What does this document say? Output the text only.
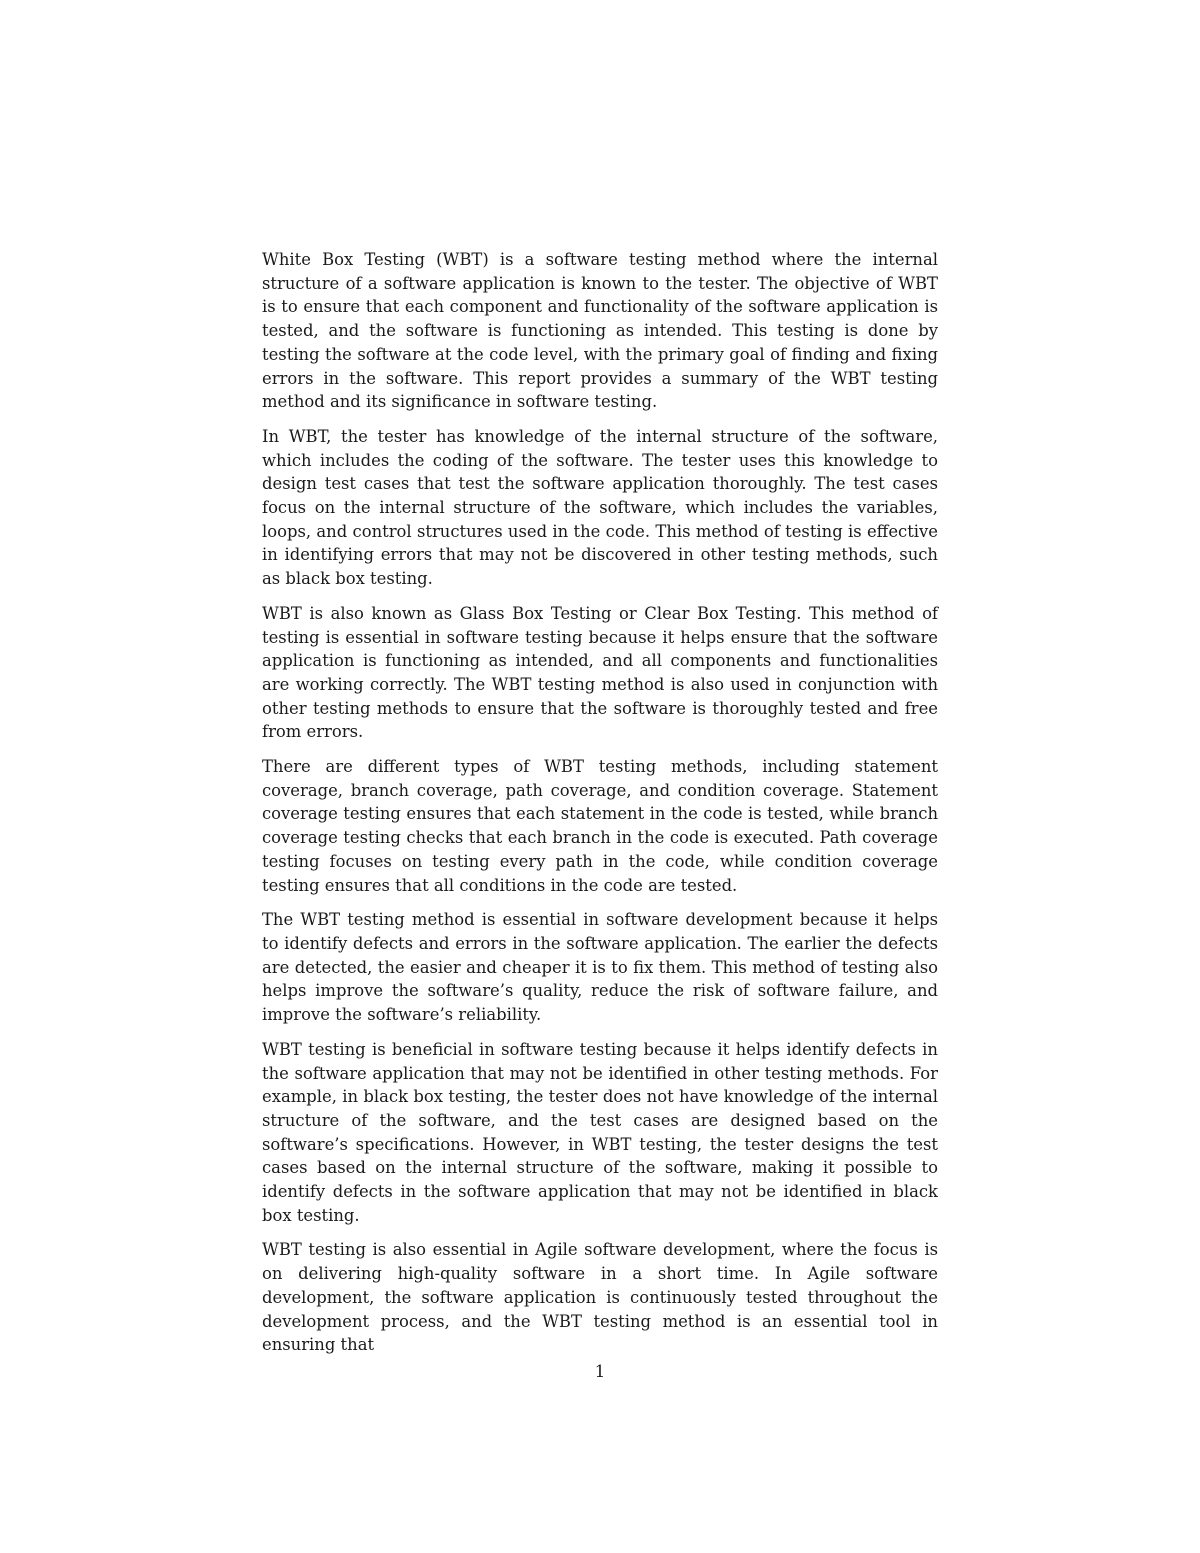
White Box Testing (WBT) is a software testing method where the internal structure of a software application is known to the tester. The objective of WBT is to ensure that each component and functionality of the software application is tested, and the software is functioning as intended. This testing is done by testing the software at the code level, with the primary goal of finding and fixing errors in the software. This report provides a summary of the WBT testing method and its significance in software testing.

In WBT, the tester has knowledge of the internal structure of the software, which includes the coding of the software. The tester uses this knowledge to design test cases that test the software application thoroughly. The test cases focus on the internal structure of the software, which includes the variables, loops, and control structures used in the code. This method of testing is effective in identifying errors that may not be discovered in other testing methods, such as black box testing.

WBT is also known as Glass Box Testing or Clear Box Testing. This method of testing is essential in software testing because it helps ensure that the software application is functioning as intended, and all components and functionalities are working correctly. The WBT testing method is also used in conjunction with other testing methods to ensure that the software is thoroughly tested and free from errors.

There are different types of WBT testing methods, including statement coverage, branch coverage, path coverage, and condition coverage. Statement coverage testing ensures that each statement in the code is tested, while branch coverage testing checks that each branch in the code is executed. Path coverage testing focuses on testing every path in the code, while condition coverage testing ensures that all conditions in the code are tested.

The WBT testing method is essential in software development because it helps to identify defects and errors in the software application. The earlier the defects are detected, the easier and cheaper it is to fix them. This method of testing also helps improve the software’s quality, reduce the risk of software failure, and improve the software’s reliability.

WBT testing is beneficial in software testing because it helps identify defects in the software application that may not be identified in other testing methods. For example, in black box testing, the tester does not have knowledge of the internal structure of the software, and the test cases are designed based on the software’s specifications. However, in WBT testing, the tester designs the test cases based on the internal structure of the software, making it possible to identify defects in the software application that may not be identified in black box testing.

WBT testing is also essential in Agile software development, where the focus is on delivering high-quality software in a short time. In Agile software development, the software application is continuously tested throughout the development process, and the WBT testing method is an essential tool in ensuring that

1
